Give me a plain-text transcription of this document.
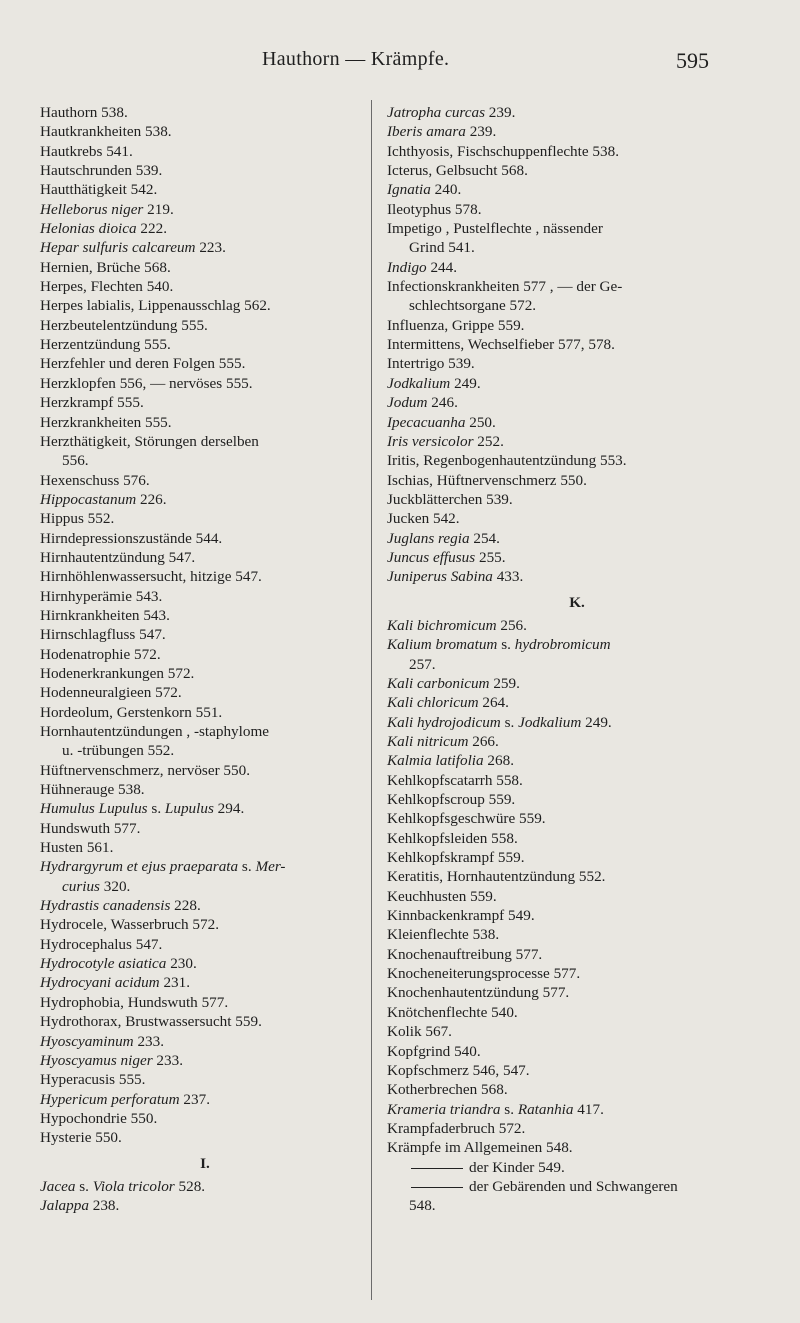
Hauthorn — Krämpfe.	595
Hauthorn 538.
Hautkrankheiten 538.
Hautkrebs 541.
Hautschrunden 539.
Hautthätigkeit 542.
Helleborus niger 219.
Helonias dioica 222.
Hepar sulfuris calcareum 223.
Hernien, Brüche 568.
Herpes, Flechten 540.
Herpes labialis, Lippenausschlag 562.
Herzbeutelentzündung 555.
Herzentzündung 555.
Herzfehler und deren Folgen 555.
Herzklopfen 556, — nervöses 555.
Herzkrampf 555.
Herzkrankheiten 555.
Herzthätigkeit, Störungen derselben
556.
Hexenschuss 576.
Hippocastanum 226.
Hippus 552.
Hirndepressionszustände 544.
Hirnhautentzündung 547.
Hirnhöhlenwassersucht, hitzige 547.
Hirnhyperämie 543.
Hirnkrankheiten 543.
Hirnschlagfluss 547.
Hodenatrophie 572.
Hodenerkrankungen 572.
Hodenneuralgieen 572.
Hordeolum, Gerstenkorn 551.
Hornhautentzündungen , -staphylome
u. -trübungen 552.
Hüftnervenschmerz, nervöser 550.
Hühnerauge 538.
Humulus Lupulus s. Lupulus 294.
Hundswuth 577.
Husten 561.
Hydrargyrum et ejus praeparata s. Mer-
curius 320.
Hydrastis canadensis 228.
Hydrocele, Wasserbruch 572.
Hydrocephalus 547.
Hydrocotyle asiatica 230.
Hydrocyani acidum 231.
Hydrophobia, Hundswuth 577.
Hydrothorax, Brustwassersucht 559.
Hyoscyaminum 233.
Hyoscyamus niger 233.
Hyperacusis 555.
Hypericum perforatum 237.
Hypochondrie 550.
Hysterie 550.
I.
Jacea s. Viola tricolor 528.
Jalappa 238.
Jatropha curcas 239.
Iberis amara 239.
Ichthyosis, Fischschuppenflechte 538.
Icterus, Gelbsucht 568.
Ignatia 240.
Ileotyphus 578.
Impetigo , Pustelflechte , nässender
Grind 541.
Indigo 244.
Infectionskrankheiten 577 , — der Ge-
schlechtsorgane 572.
Influenza, Grippe 559.
Intermittens, Wechselfieber 577, 578.
Intertrigo 539.
Jodkalium 249.
Jodum 246.
Ipecacuanha 250.
Iris versicolor 252.
Iritis, Regenbogenhautentzündung 553.
Ischias, Hüftnervenschmerz 550.
Juckblätterchen 539.
Jucken 542.
Juglans regia 254.
Juncus effusus 255.
Juniperus Sabina 433.
K.
Kali bichromicum 256.
Kalium bromatum s. hydrobromicum
257.
Kali carbonicum 259.
Kali chloricum 264.
Kali hydrojodicum s. Jodkalium 249.
Kali nitricum 266.
Kalmia latifolia 268.
Kehlkopfscatarrh 558.
Kehlkopfscroup 559.
Kehlkopfsgeschwüre 559.
Kehlkopfsleiden 558.
Kehlkopfskrampf 559.
Keratitis, Hornhautentzündung 552.
Keuchhusten 559.
Kinnbackenkrampf 549.
Kleienflechte 538.
Knochenauftreibung 577.
Knocheneiterungsprocesse 577.
Knochenhautentzündung 577.
Knötchenflechte 540.
Kolik 567.
Kopfgrind 540.
Kopfschmerz 546, 547.
Kotherbrechen 568.
Krameria triandra s. Ratanhia 417.
Krampfaderbruch 572.
Krämpfe im Allgemeinen 548.
der Kinder 549.
der Gebärenden und Schwangeren
548.
